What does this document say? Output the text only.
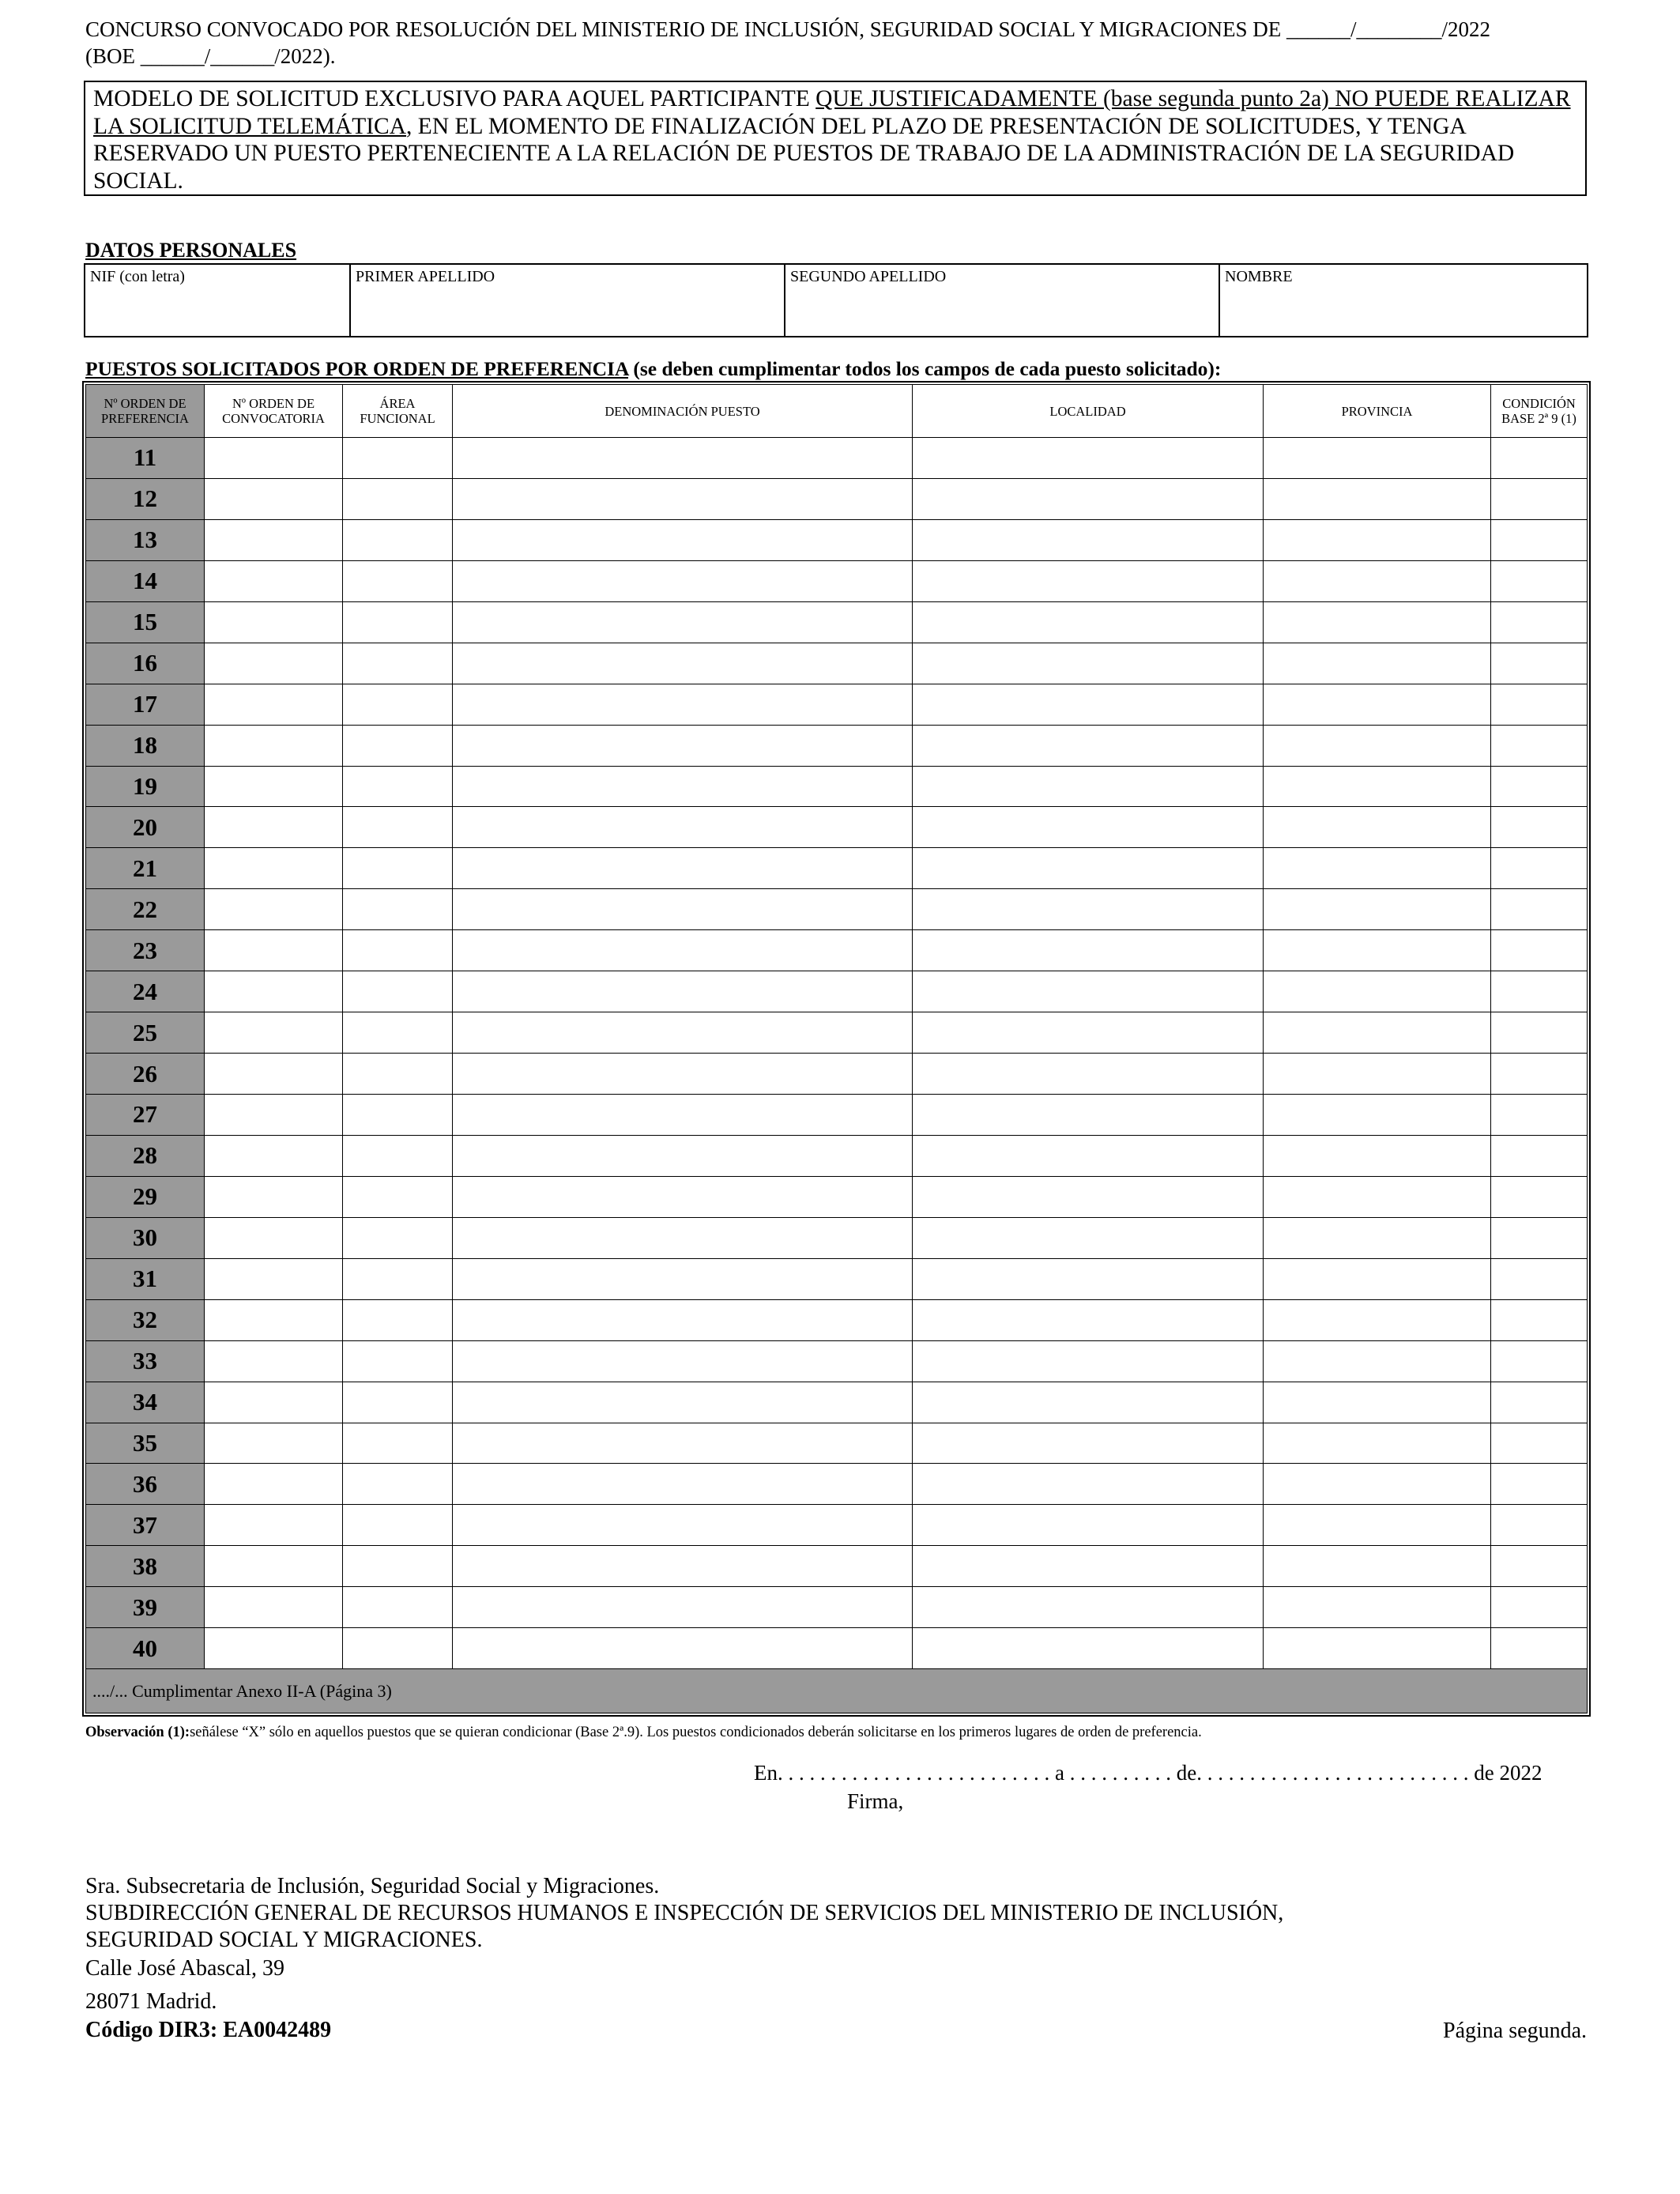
CONCURSO CONVOCADO POR RESOLUCIÓN DEL MINISTERIO DE INCLUSIÓN, SEGURIDAD SOCIAL Y MIGRACIONES DE ______/________/2022
(BOE ______/______/2022).
MODELO DE SOLICITUD EXCLUSIVO PARA AQUEL PARTICIPANTE QUE JUSTIFICADAMENTE (base segunda punto 2a) NO PUEDE REALIZAR LA SOLICITUD TELEMÁTICA, EN EL MOMENTO DE FINALIZACIÓN DEL PLAZO DE PRESENTACIÓN DE SOLICITUDES, Y TENGA RESERVADO UN PUESTO PERTENECIENTE A LA RELACIÓN DE PUESTOS DE TRABAJO DE LA ADMINISTRACIÓN DE LA SEGURIDAD SOCIAL.
DATOS PERSONALES
NIF (con letra)	PRIMER APELLIDO	SEGUNDO APELLIDO	NOMBRE
PUESTOS SOLICITADOS POR ORDEN DE PREFERENCIA (se deben cumplimentar todos los campos de cada puesto solicitado):
Nº ORDEN DE PREFERENCIA	Nº ORDEN DE CONVOCATORIA	ÁREA FUNCIONAL	DENOMINACIÓN PUESTO	LOCALIDAD	PROVINCIA	CONDICIÓN BASE 2ª 9 (1)
11						
12						
13						
14						
15						
16						
17						
18						
19						
20						
21						
22						
23						
24						
25						
26						
27						
28						
29						
30						
31						
32						
33						
34						
35						
36						
37						
38						
39						
40						
..../... Cumplimentar Anexo II-A (Página 3)						
Observación (1):señálese “X” sólo en aquellos puestos que se quieran condicionar (Base 2ª.9). Los puestos condicionados deberán solicitarse en los primeros lugares de orden de preferencia.
En. . . . . . . . . . . . . . . . . . . . . . . . . . a . . . . . . . . . . de. . . . . . . . . . . . . . . . . . . . . . . . . . de 2022
Firma,
Sra. Subsecretaria de Inclusión, Seguridad Social y Migraciones.
SUBDIRECCIÓN GENERAL DE RECURSOS HUMANOS E INSPECCIÓN DE SERVICIOS DEL MINISTERIO DE INCLUSIÓN,
SEGURIDAD SOCIAL Y MIGRACIONES.
Calle José Abascal, 39
28071 Madrid.
Código DIR3: EA0042489	Página segunda.
